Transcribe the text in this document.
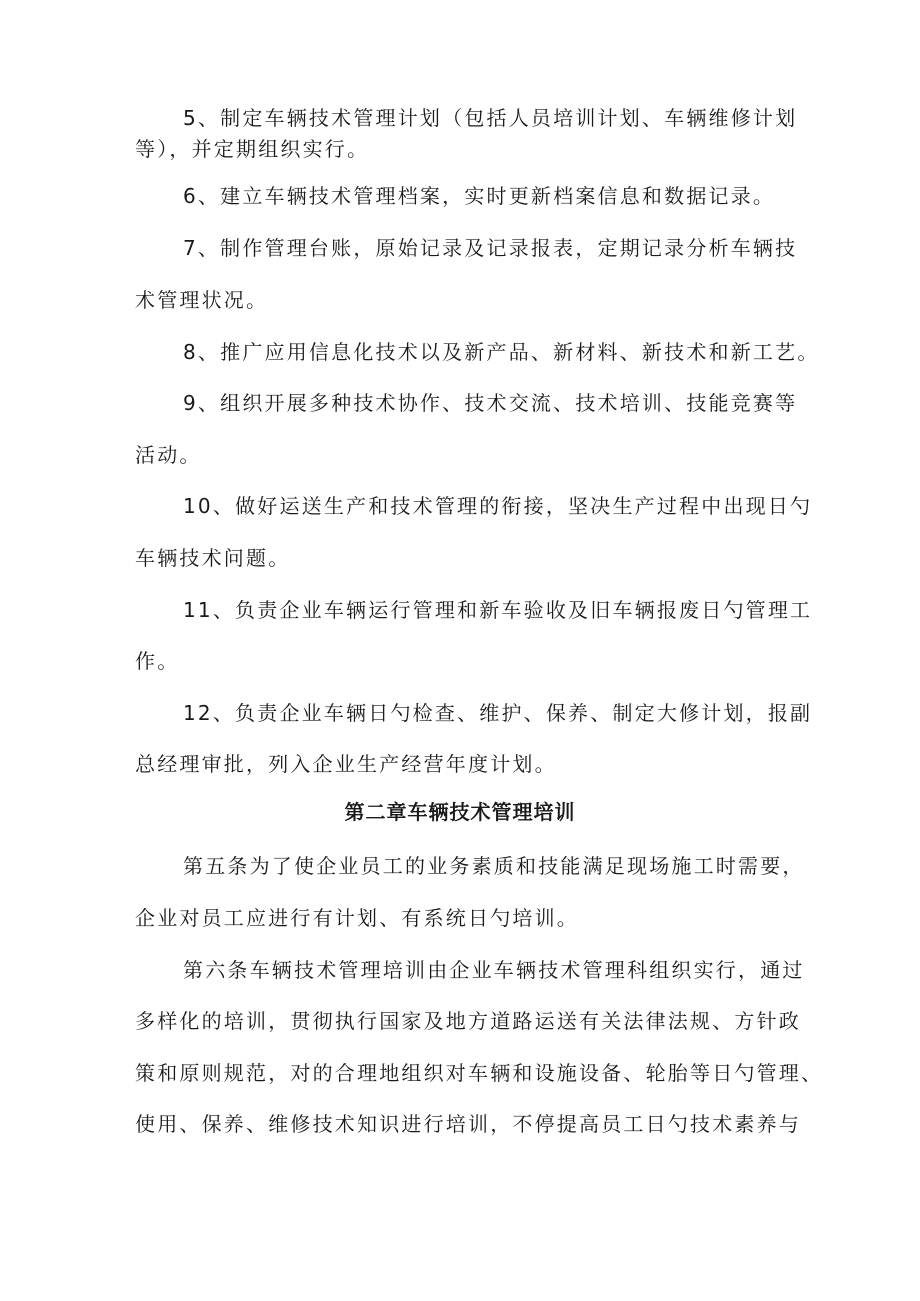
5、制定车辆技术管理计划（包括人员培训计划、车辆维修计划
等），并定期组织实行。
6、建立车辆技术管理档案，实时更新档案信息和数据记录。
7、制作管理台账，原始记录及记录报表，定期记录分析车辆技
术管理状况。
8、推广应用信息化技术以及新产品、新材料、新技术和新工艺。
9、组织开展多种技术协作、技术交流、技术培训、技能竞赛等
活动。
10、做好运送生产和技术管理的衔接，坚决生产过程中出现日勺
车辆技术问题。
11、负责企业车辆运行管理和新车验收及旧车辆报废日勺管理工
作。
12、负责企业车辆日勺检查、维护、保养、制定大修计划，报副
总经理审批，列入企业生产经营年度计划。
第二章车辆技术管理培训
第五条为了使企业员工的业务素质和技能满足现场施工时需要，
企业对员工应进行有计划、有系统日勺培训。
第六条车辆技术管理培训由企业车辆技术管理科组织实行，通过
多样化的培训，贯彻执行国家及地方道路运送有关法律法规、方针政
策和原则规范，对的合理地组织对车辆和设施设备、轮胎等日勺管理、
使用、保养、维修技术知识进行培训，不停提高员工日勺技术素养与
